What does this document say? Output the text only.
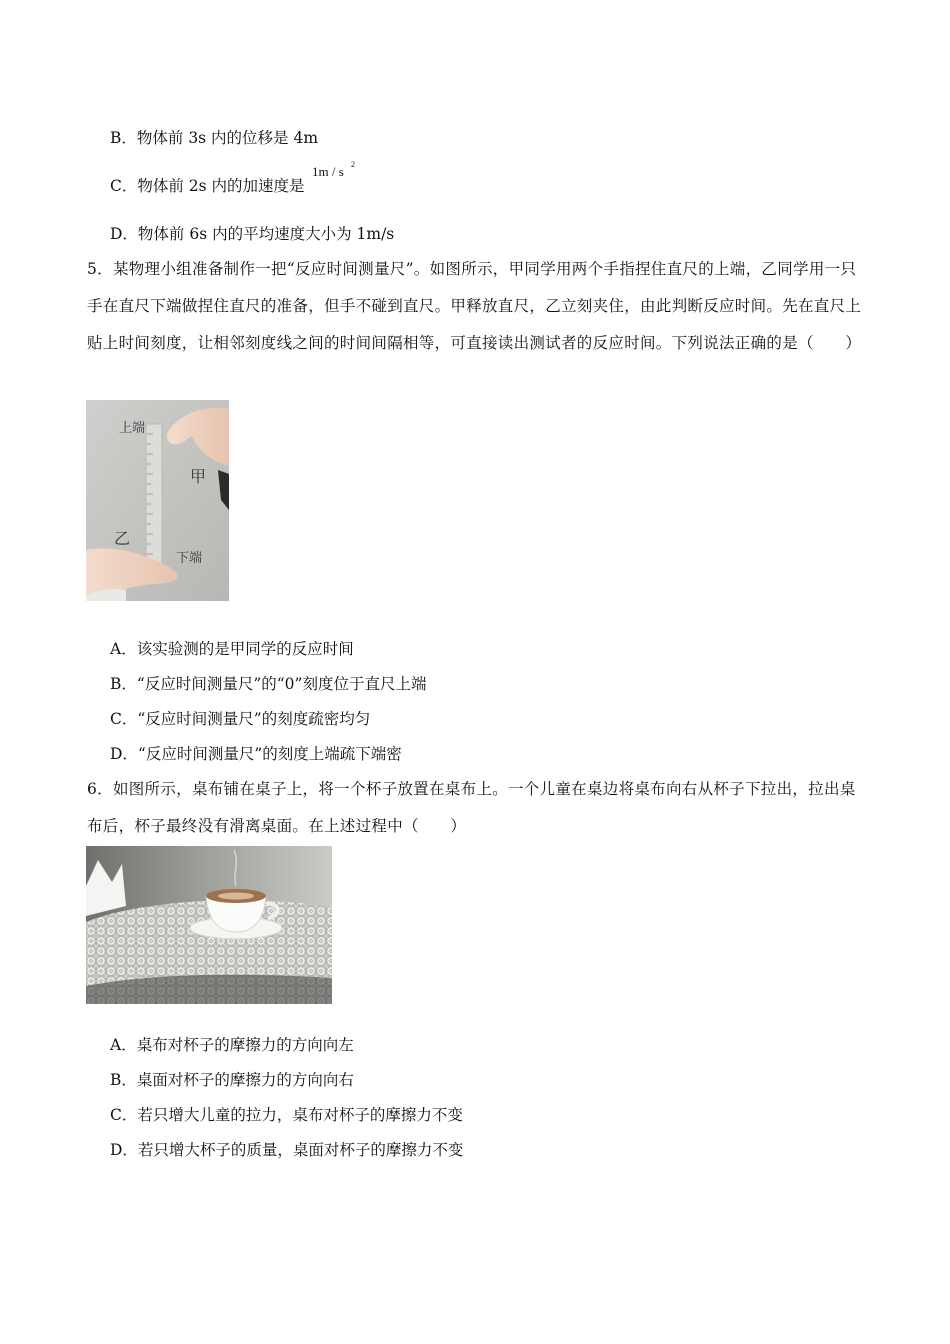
B．物体前 3s 内的位移是 4m
C．物体前 2s 内的加速度是
1m / s 2
D．物体前 6s 内的平均速度大小为 1m/s
5．某物理小组准备制作一把“反应时间测量尺”。如图所示，甲同学用两个手指捏住直尺的上端，乙同学用一只手在直尺下端做捏住直尺的准备，但手不碰到直尺。甲释放直尺，乙立刻夹住，由此判断反应时间。先在直尺上贴上时间刻度，让相邻刻度线之间的时间间隔相等，可直接读出测试者的反应时间。下列说法正确的是（　　）
上端
甲
乙
下端
A．该实验测的是甲同学的反应时间
B．“反应时间测量尺”的“0”刻度位于直尺上端
C．“反应时间测量尺”的刻度疏密均匀
D．“反应时间测量尺”的刻度上端疏下端密
6．如图所示，桌布铺在桌子上，将一个杯子放置在桌布上。一个儿童在桌边将桌布向右从杯子下拉出，拉出桌布后，杯子最终没有滑离桌面。在上述过程中（　　）
A．桌布对杯子的摩擦力的方向向左
B．桌面对杯子的摩擦力的方向向右
C．若只增大儿童的拉力，桌布对杯子的摩擦力不变
D．若只增大杯子的质量，桌面对杯子的摩擦力不变
